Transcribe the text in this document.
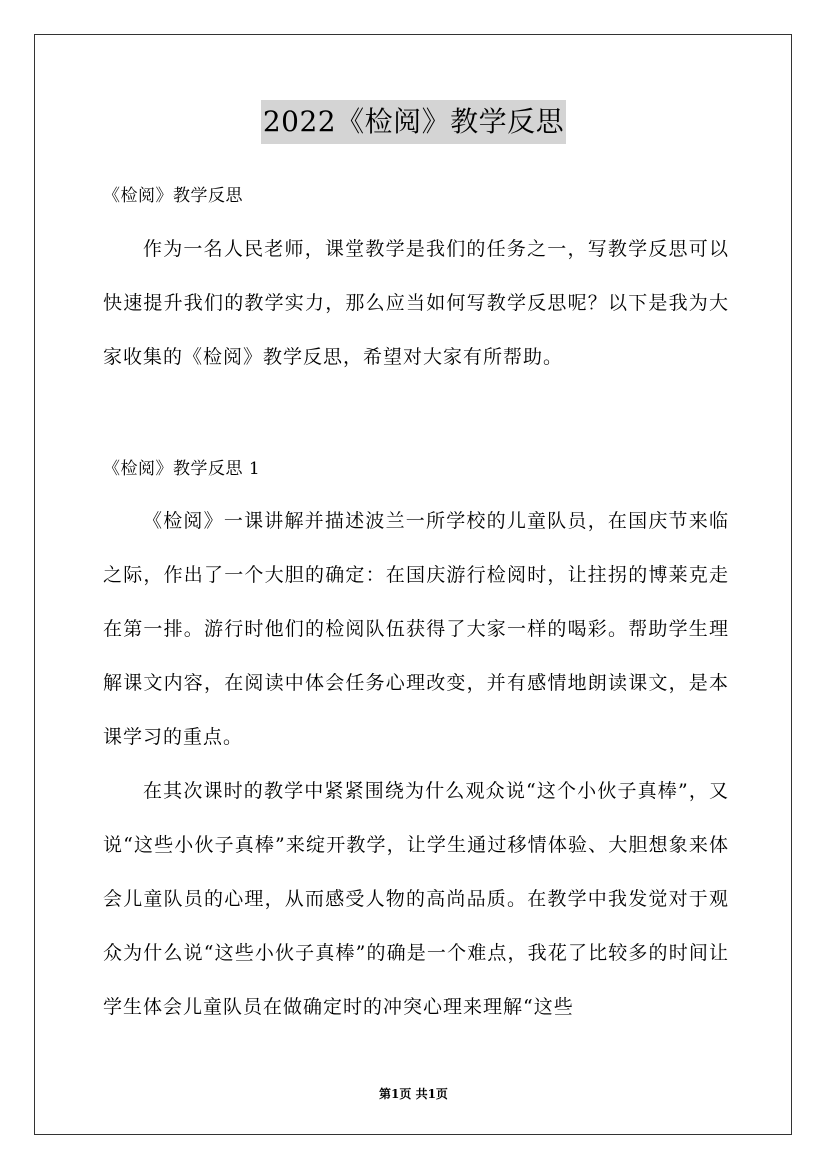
2022《检阅》教学反思
《检阅》教学反思

作为一名人民老师，课堂教学是我们的任务之一，写教学反思可以快速提升我们的教学实力，那么应当如何写教学反思呢？以下是我为大家收集的《检阅》教学反思，希望对大家有所帮助。

《检阅》教学反思 1

《检阅》一课讲解并描述波兰一所学校的儿童队员，在国庆节来临之际，作出了一个大胆的确定：在国庆游行检阅时，让拄拐的博莱克走在第一排。游行时他们的检阅队伍获得了大家一样的喝彩。帮助学生理解课文内容，在阅读中体会任务心理改变，并有感情地朗读课文，是本课学习的重点。

在其次课时的教学中紧紧围绕为什么观众说“这个小伙子真棒”，又说“这些小伙子真棒”来绽开教学，让学生通过移情体验、大胆想象来体会儿童队员的心理，从而感受人物的高尚品质。在教学中我发觉对于观众为什么说“这些小伙子真棒”的确是一个难点，我花了比较多的时间让学生体会儿童队员在做确定时的冲突心理来理解“这些

第1页 共1页
